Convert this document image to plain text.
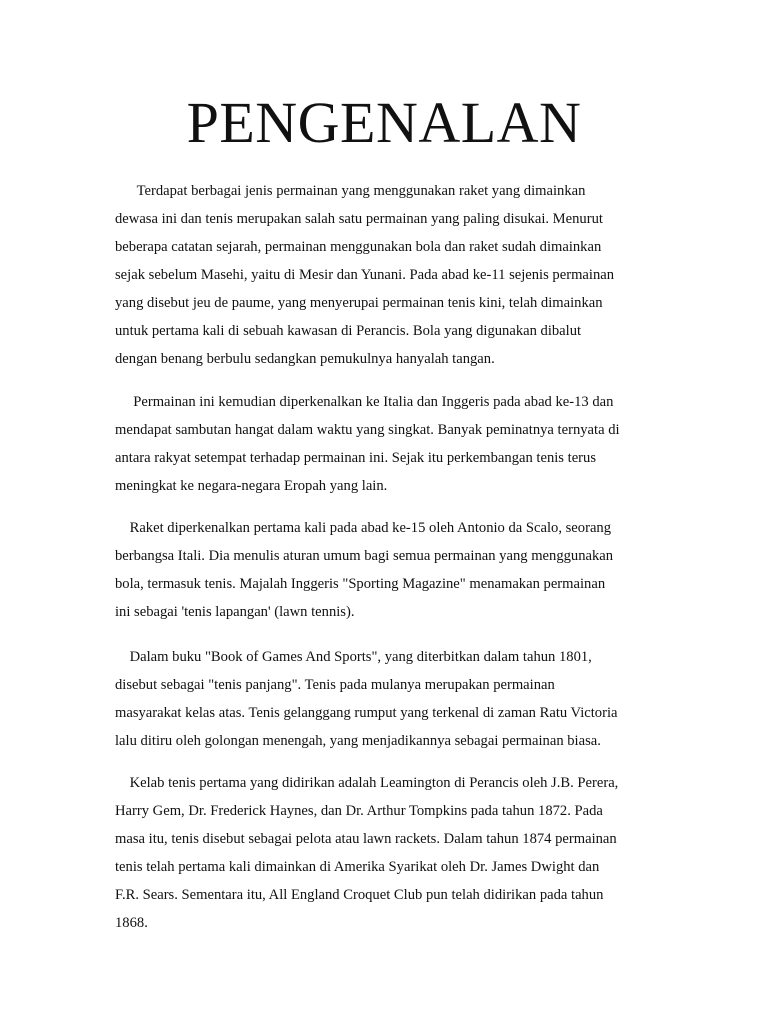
PENGENALAN

Terdapat berbagai jenis permainan yang menggunakan raket yang dimainkan
dewasa ini dan tenis merupakan salah satu permainan yang paling disukai. Menurut
beberapa catatan sejarah, permainan menggunakan bola dan raket sudah dimainkan
sejak sebelum Masehi, yaitu di Mesir dan Yunani. Pada abad ke-11 sejenis permainan
yang disebut jeu de paume, yang menyerupai permainan tenis kini, telah dimainkan
untuk pertama kali di sebuah kawasan di Perancis. Bola yang digunakan dibalut
dengan benang berbulu sedangkan pemukulnya hanyalah tangan.

Permainan ini kemudian diperkenalkan ke Italia dan Inggeris pada abad ke-13 dan
mendapat sambutan hangat dalam waktu yang singkat. Banyak peminatnya ternyata di
antara rakyat setempat terhadap permainan ini. Sejak itu perkembangan tenis terus
meningkat ke negara-negara Eropah yang lain.

Raket diperkenalkan pertama kali pada abad ke-15 oleh Antonio da Scalo, seorang
berbangsa Itali. Dia menulis aturan umum bagi semua permainan yang menggunakan
bola, termasuk tenis. Majalah Inggeris "Sporting Magazine" menamakan permainan
ini sebagai 'tenis lapangan' (lawn tennis).

Dalam buku "Book of Games And Sports", yang diterbitkan dalam tahun 1801,
disebut sebagai "tenis panjang". Tenis pada mulanya merupakan permainan
masyarakat kelas atas. Tenis gelanggang rumput yang terkenal di zaman Ratu Victoria
lalu ditiru oleh golongan menengah, yang menjadikannya sebagai permainan biasa.

Kelab tenis pertama yang didirikan adalah Leamington di Perancis oleh J.B. Perera,
Harry Gem, Dr. Frederick Haynes, dan Dr. Arthur Tompkins pada tahun 1872. Pada
masa itu, tenis disebut sebagai pelota atau lawn rackets. Dalam tahun 1874 permainan
tenis telah pertama kali dimainkan di Amerika Syarikat oleh Dr. James Dwight dan
F.R. Sears. Sementara itu, All England Croquet Club pun telah didirikan pada tahun
1868.
